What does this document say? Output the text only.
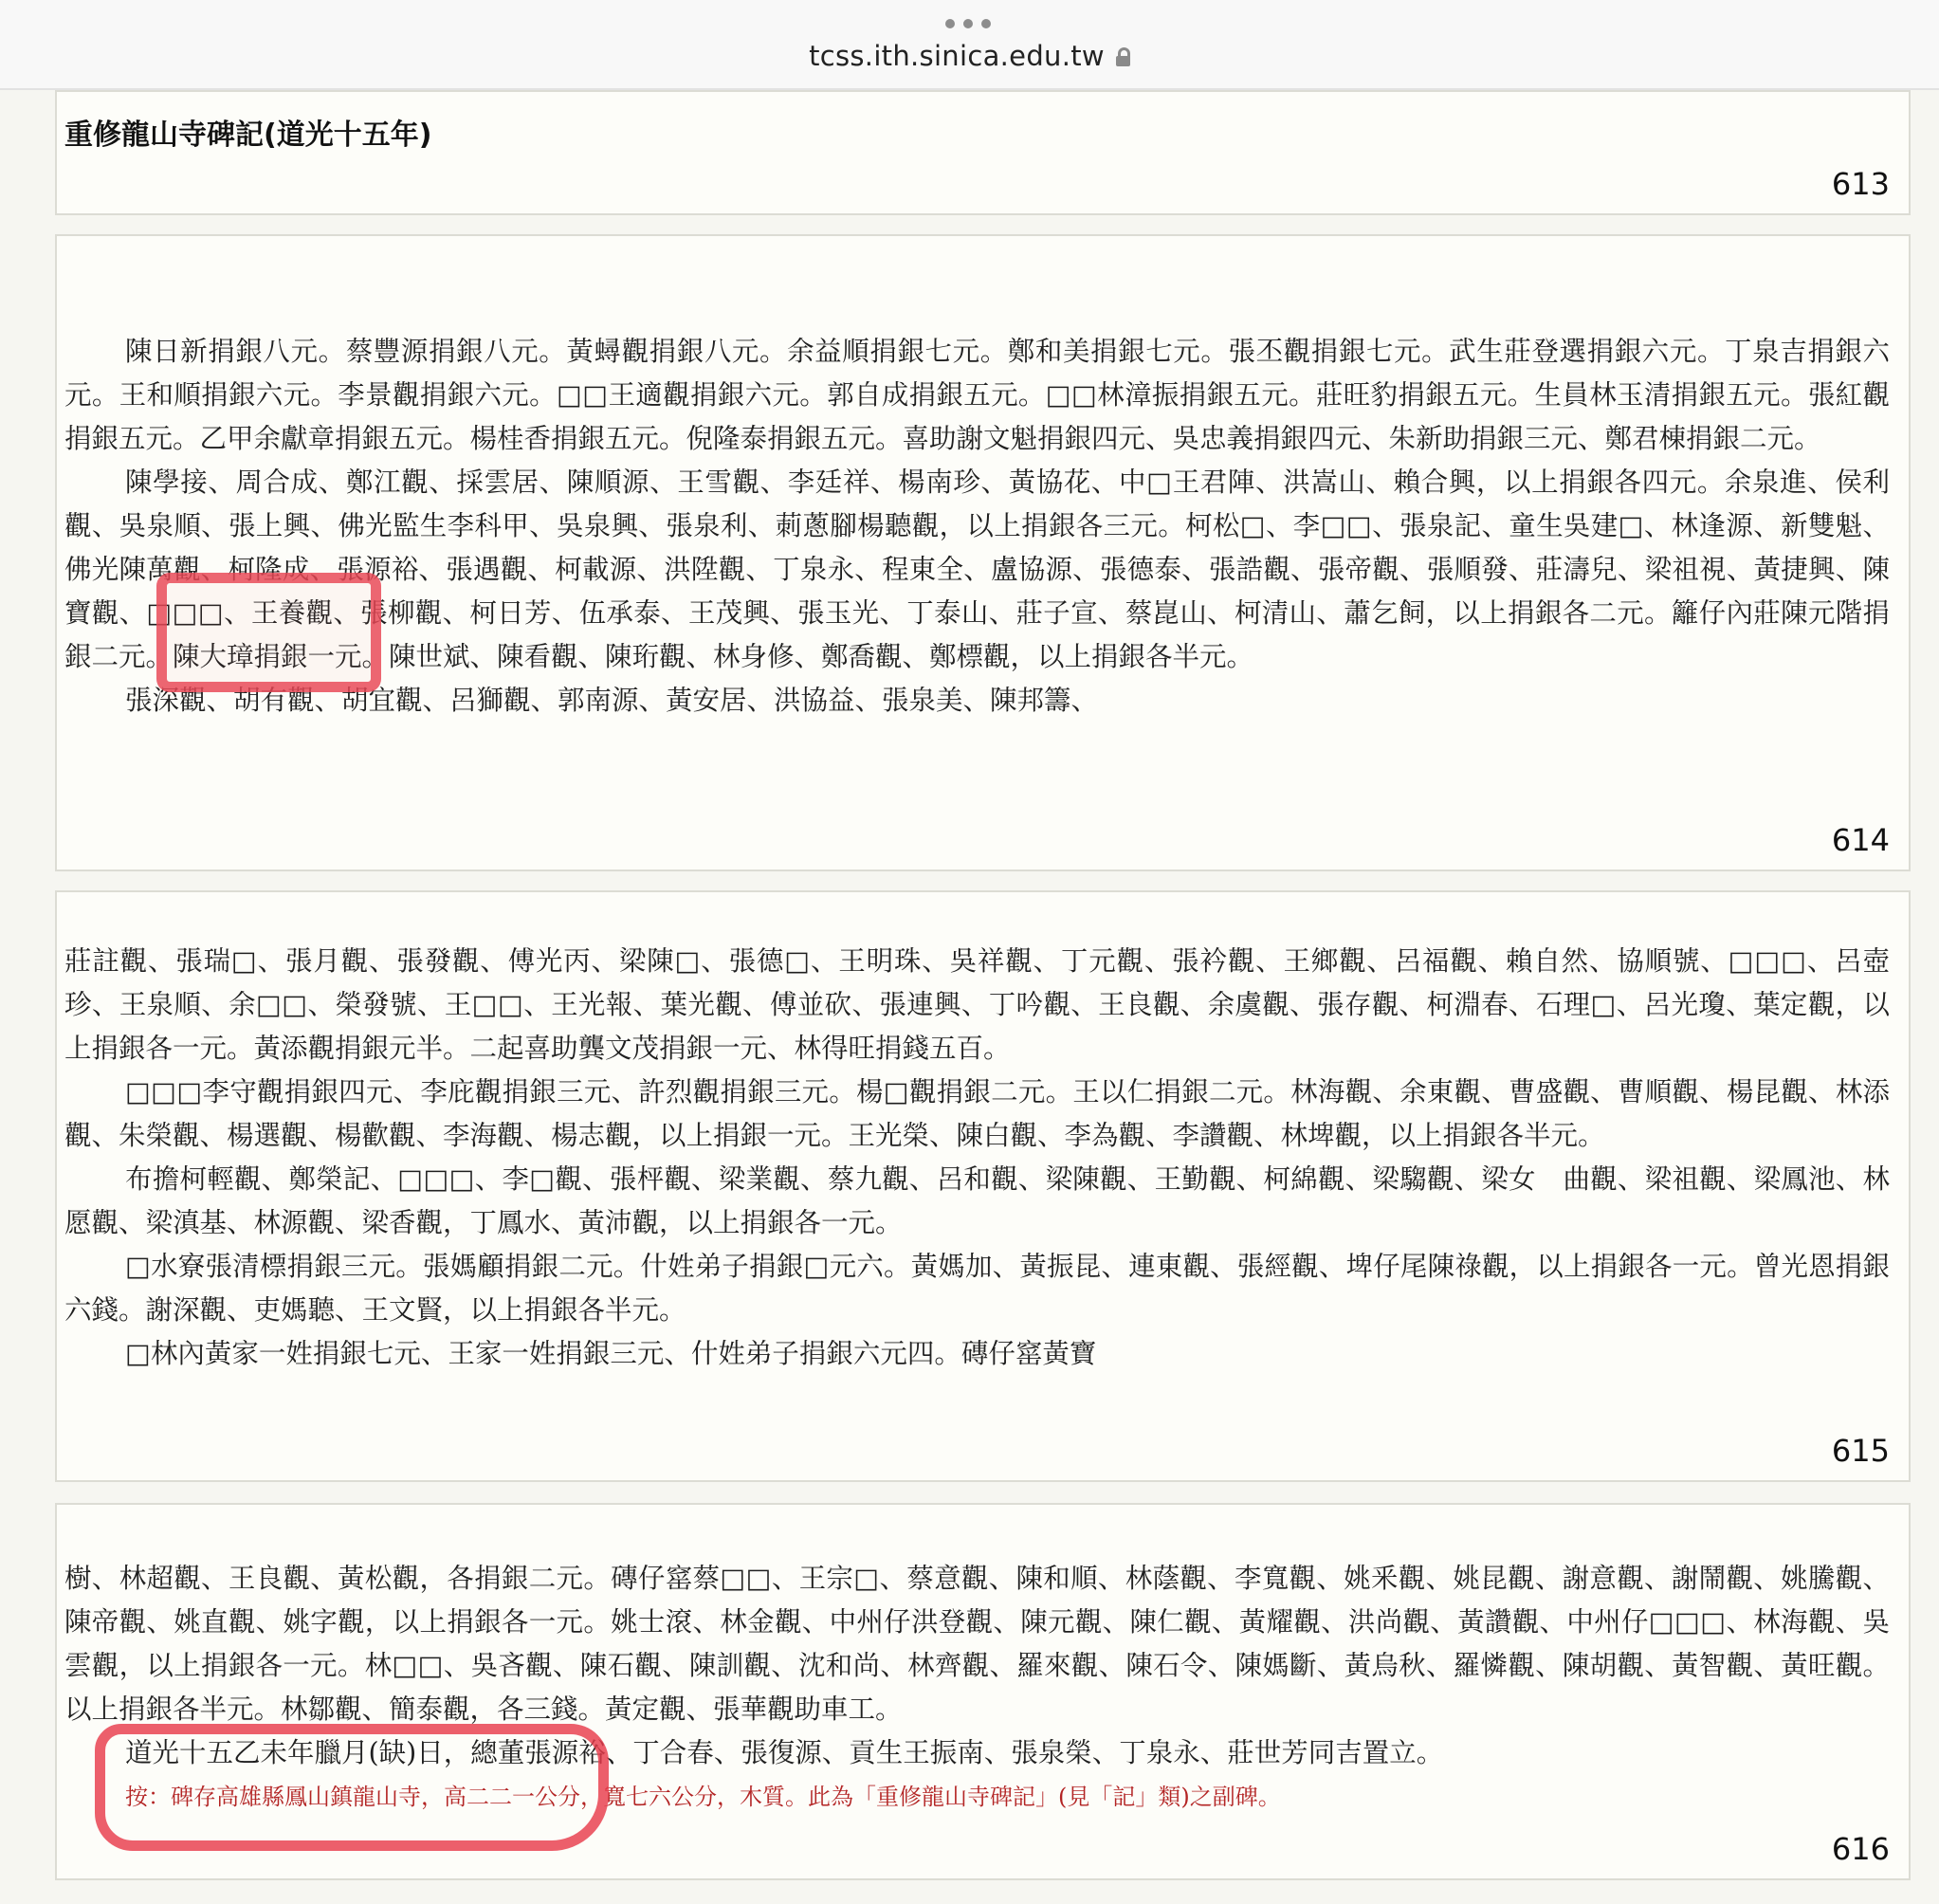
tcss.ith.sinica.edu.tw
重修龍山寺碑記(道光十五年)
613

陳日新捐銀八元。蔡豐源捐銀八元。黃蟳觀捐銀八元。余益順捐銀七元。鄭和美捐銀七元。張丕觀捐銀七元。武生莊登選捐銀六元。丁泉吉捐銀六元。王和順捐銀六元。李景觀捐銀六元。□□王適觀捐銀六元。郭自成捐銀五元。□□林漳振捐銀五元。莊旺豹捐銀五元。生員林玉清捐銀五元。張紅觀捐銀五元。乙甲余獻章捐銀五元。楊桂香捐銀五元。倪隆泰捐銀五元。喜助謝文魁捐銀四元、吳忠義捐銀四元、朱新助捐銀三元、鄭君棟捐銀二元。

陳學接、周合成、鄭江觀、採雲居、陳順源、王雪觀、李廷祥、楊南珍、黃協花、中□王君陣、洪嵩山、賴合興，以上捐銀各四元。余泉進、侯利觀、吳泉順、張上興、佛光監生李科甲、吳泉興、張泉利、莿蔥腳楊聽觀，以上捐銀各三元。柯松□、李□□、張泉記、童生吳建□、林逢源、新雙魁、佛光陳萬觀、柯隆成、張源裕、張遇觀、柯載源、洪陞觀、丁泉永、程東全、盧協源、張德泰、張誥觀、張帝觀、張順發、莊濤兒、梁祖視、黃捷興、陳寶觀、□□□、王養觀、張柳觀、柯日芳、伍承泰、王茂興、張玉光、丁泰山、莊子宣、蔡崑山、柯清山、蕭乞飼，以上捐銀各二元。籬仔內莊陳元階捐銀二元。陳大璋捐銀一元。陳世斌、陳看觀、陳珩觀、林身修、鄭喬觀、鄭標觀，以上捐銀各半元。

張深觀、胡有觀、胡宜觀、呂獅觀、郭南源、黃安居、洪協益、張泉美、陳邦籌、

614

莊註觀、張瑞□、張月觀、張發觀、傅光丙、梁陳□、張德□、王明珠、吳祥觀、丁元觀、張衿觀、王鄉觀、呂福觀、賴自然、協順號、□□□、呂壺珍、王泉順、余□□、榮發號、王□□、王光報、葉光觀、傅並砍、張連興、丁吟觀、王良觀、余虞觀、張存觀、柯淵春、石理□、呂光瓊、葉定觀，以上捐銀各一元。黃添觀捐銀元半。二起喜助龔文茂捐銀一元、林得旺捐錢五百。

□□□李守觀捐銀四元、李庇觀捐銀三元、許烈觀捐銀三元。楊□觀捐銀二元。王以仁捐銀二元。林海觀、余東觀、曹盛觀、曹順觀、楊昆觀、林添觀、朱榮觀、楊選觀、楊歡觀、李海觀、楊志觀，以上捐銀一元。王光榮、陳白觀、李為觀、李讚觀、林埤觀，以上捐銀各半元。

布擔柯輕觀、鄭榮記、□□□、李□觀、張枰觀、梁業觀、蔡九觀、呂和觀、梁陳觀、王勤觀、柯綿觀、梁騶觀、梁女　曲觀、梁祖觀、梁鳳池、林愿觀、梁滇基、林源觀、梁香觀，丁鳳水、黃沛觀，以上捐銀各一元。

□水寮張清標捐銀三元。張媽顧捐銀二元。什姓弟子捐銀□元六。黃媽加、黃振昆、連東觀、張經觀、埤仔尾陳祿觀，以上捐銀各一元。曾光恩捐銀六錢。謝深觀、吏媽聽、王文賢，以上捐銀各半元。

□林內黃家一姓捐銀七元、王家一姓捐銀三元、什姓弟子捐銀六元四。磚仔窰黃寶

615

樹、林超觀、王良觀、黃松觀，各捐銀二元。磚仔窰蔡□□、王宗□、蔡意觀、陳和順、林蔭觀、李寬觀、姚釆觀、姚昆觀、謝意觀、謝鬧觀、姚騰觀、陳帝觀、姚直觀、姚字觀，以上捐銀各一元。姚士滾、林金觀、中州仔洪登觀、陳元觀、陳仁觀、黃耀觀、洪尚觀、黃讚觀、中州仔□□□、林海觀、吳雲觀，以上捐銀各一元。林□□、吳吝觀、陳石觀、陳訓觀、沈和尚、林齊觀、羅來觀、陳石令、陳媽斷、黃烏秋、羅憐觀、陳胡觀、黃智觀、黃旺觀。以上捐銀各半元。林鄒觀、簡泰觀，各三錢。黃定觀、張華觀助車工。

道光十五乙未年臘月(缺)日，總董張源裕、丁合春、張復源、貢生王振南、張泉榮、丁泉永、莊世芳同吉置立。

按：碑存高雄縣鳳山鎮龍山寺，高二二一公分，寬七六公分，木質。此為「重修龍山寺碑記」(見「記」類)之副碑。

616
